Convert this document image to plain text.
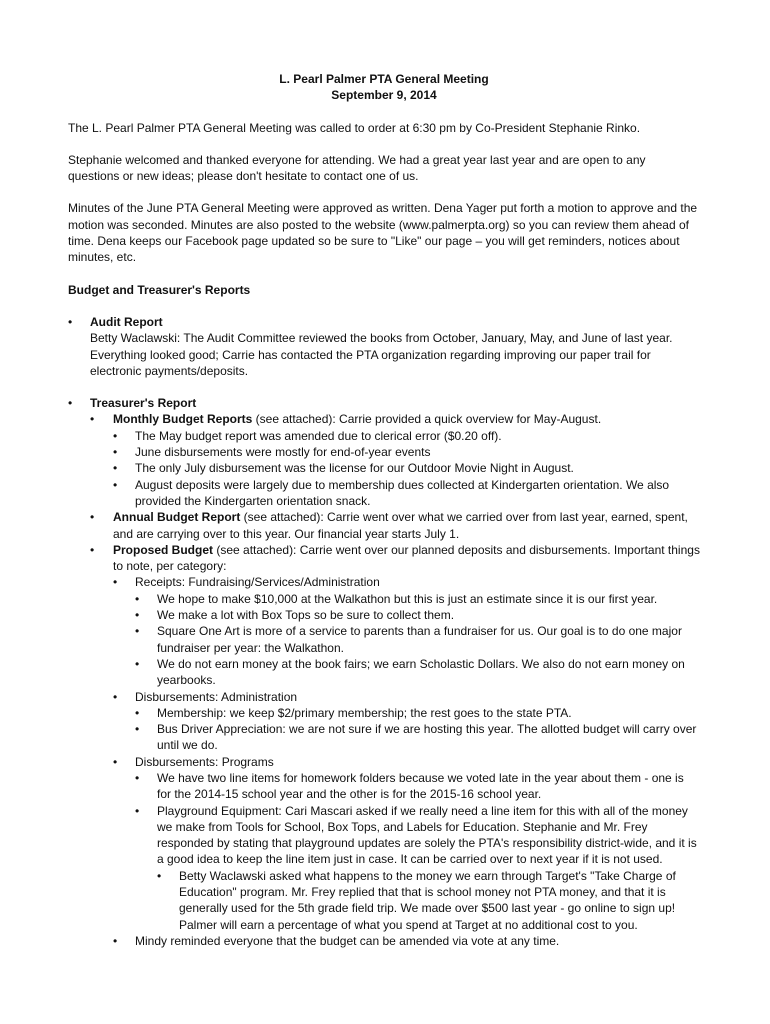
L. Pearl Palmer PTA General Meeting

September 9, 2014

The L. Pearl Palmer PTA General Meeting was called to order at 6:30 pm by Co-President Stephanie Rinko.

Stephanie welcomed and thanked everyone for attending. We had a great year last year and are open to any questions or new ideas; please don't hesitate to contact one of us.

Minutes of the June PTA General Meeting were approved as written. Dena Yager put forth a motion to approve and the motion was seconded. Minutes are also posted to the website (www.palmerpta.org) so you can review them ahead of time. Dena keeps our Facebook page updated so be sure to "Like" our page – you will get reminders, notices about minutes, etc.

Budget and Treasurer's Reports

• Audit Report
Betty Waclawski: The Audit Committee reviewed the books from October, January, May, and June of last year. Everything looked good; Carrie has contacted the PTA organization regarding improving our paper trail for electronic payments/deposits.
• Treasurer's Report
• Monthly Budget Reports (see attached): Carrie provided a quick overview for May-August.
• The May budget report was amended due to clerical error ($0.20 off).
• June disbursements were mostly for end-of-year events
• The only July disbursement was the license for our Outdoor Movie Night in August.
• August deposits were largely due to membership dues collected at Kindergarten orientation. We also provided the Kindergarten orientation snack.
• Annual Budget Report (see attached): Carrie went over what we carried over from last year, earned, spent, and are carrying over to this year. Our financial year starts July 1.
• Proposed Budget (see attached): Carrie went over our planned deposits and disbursements. Important things to note, per category:
• Receipts: Fundraising/Services/Administration
• We hope to make $10,000 at the Walkathon but this is just an estimate since it is our first year.
• We make a lot with Box Tops so be sure to collect them.
• Square One Art is more of a service to parents than a fundraiser for us. Our goal is to do one major fundraiser per year: the Walkathon.
• We do not earn money at the book fairs; we earn Scholastic Dollars. We also do not earn money on yearbooks.
• Disbursements: Administration
• Membership: we keep $2/primary membership; the rest goes to the state PTA.
• Bus Driver Appreciation: we are not sure if we are hosting this year. The allotted budget will carry over until we do.
• Disbursements: Programs
• We have two line items for homework folders because we voted late in the year about them - one is for the 2014-15 school year and the other is for the 2015-16 school year.
• Playground Equipment: Cari Mascari asked if we really need a line item for this with all of the money we make from Tools for School, Box Tops, and Labels for Education. Stephanie and Mr. Frey responded by stating that playground updates are solely the PTA's responsibility district-wide, and it is a good idea to keep the line item just in case. It can be carried over to next year if it is not used.
• Betty Waclawski asked what happens to the money we earn through Target's "Take Charge of Education" program. Mr. Frey replied that that is school money not PTA money, and that it is generally used for the 5th grade field trip. We made over $500 last year - go online to sign up! Palmer will earn a percentage of what you spend at Target at no additional cost to you.
• Mindy reminded everyone that the budget can be amended via vote at any time.
